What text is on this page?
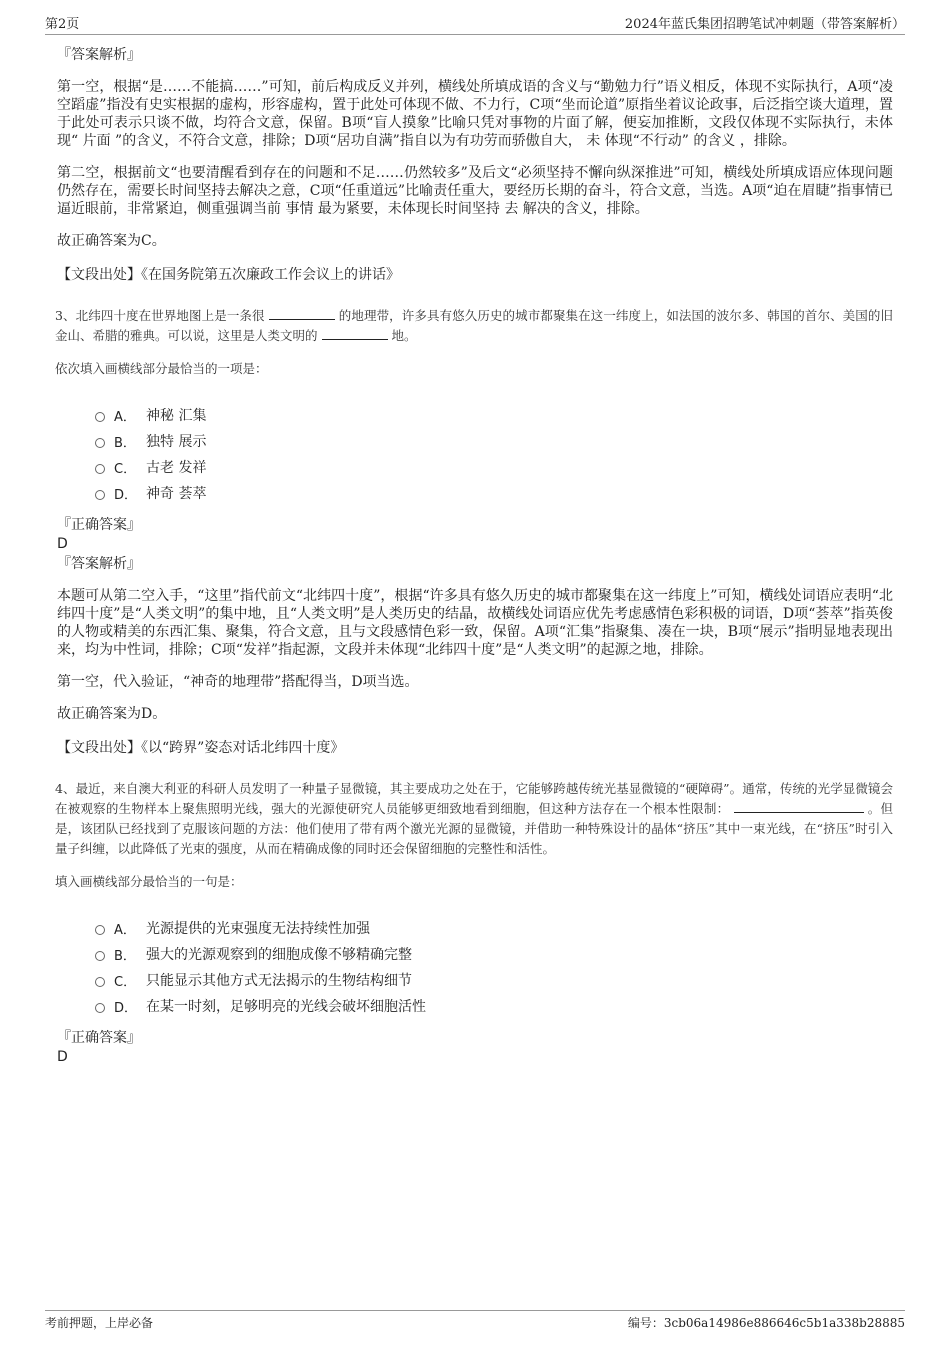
第2页	2024年蓝氏集团招聘笔试冲刺题（带答案解析）

『答案解析』

第一空，根据“是……不能搞……”可知，前后构成反义并列，横线处所填成语的含义与“勤勉力行”语义相反，体现不实际执行，A项“凌空蹈虚”指没有史实根据的虚构，形容虚构，置于此处可体现不做、不力行，C项“坐而论道”原指坐着议论政事，后泛指空谈大道理，置于此处可表示只谈不做，均符合文意，保留。B项“盲人摸象”比喻只凭对事物的片面了解，便妄加推断，文段仅体现不实际执行，未体现“ 片面 ”的含义，不符合文意，排除；D项“居功自满”指自以为有功劳而骄傲自大， 未 体现“不行动” 的含义 ，排除。

第二空，根据前文“也要清醒看到存在的问题和不足……仍然较多”及后文“必须坚持不懈向纵深推进”可知，横线处所填成语应体现问题仍然存在，需要长时间坚持去解决之意，C项“任重道远”比喻责任重大，要经历长期的奋斗，符合文意，当选。A项“迫在眉睫”指事情已逼近眼前，非常紧迫，侧重强调当前 事情 最为紧要，未体现长时间坚持 去 解决的含义，排除。

故正确答案为C。

【文段出处】《在国务院第五次廉政工作会议上的讲话》

3、北纬四十度在世界地图上是一条很	的地理带，许多具有悠久历史的城市都聚集在这一纬度上，如法国的波尔多、韩国的首尔、美国的旧金山、希腊的雅典。可以说，这里是人类文明的	地。

依次填入画横线部分最恰当的一项是：

A． 神秘 汇集
B． 独特 展示
C． 古老 发祥
D． 神奇 荟萃

『正确答案』

D

『答案解析』

本题可从第二空入手，“这里”指代前文“北纬四十度”，根据“许多具有悠久历史的城市都聚集在这一纬度上”可知，横线处词语应表明“北纬四十度”是“人类文明”的集中地，且“人类文明”是人类历史的结晶，故横线处词语应优先考虑感情色彩积极的词语，D项“荟萃”指英俊的人物或精美的东西汇集、聚集，符合文意，且与文段感情色彩一致，保留。A项“汇集”指聚集、凑在一块，B项“展示”指明显地表现出来，均为中性词，排除；C项“发祥”指起源，文段并未体现“北纬四十度”是“人类文明”的起源之地，排除。

第一空，代入验证，“神奇的地理带”搭配得当，D项当选。

故正确答案为D。

【文段出处】《以“跨界”姿态对话北纬四十度》

4、最近，来自澳大利亚的科研人员发明了一种量子显微镜，其主要成功之处在于，它能够跨越传统光基显微镜的“硬障碍”。通常，传统的光学显微镜会在被观察的生物样本上聚焦照明光线，强大的光源使研究人员能够更细致地看到细胞，但这种方法存在一个根本性限制：	。但是，该团队已经找到了克服该问题的方法：他们使用了带有两个激光光源的显微镜，并借助一种特殊设计的晶体“挤压”其中一束光线，在“挤压”时引入量子纠缠，以此降低了光束的强度，从而在精确成像的同时还会保留细胞的完整性和活性。

填入画横线部分最恰当的一句是：

A． 光源提供的光束强度无法持续性加强
B． 强大的光源观察到的细胞成像不够精确完整
C． 只能显示其他方式无法揭示的生物结构细节
D． 在某一时刻，足够明亮的光线会破坏细胞活性

『正确答案』

D

考前押题，上岸必备	编号：3cb06a14986e886646c5b1a338b28885
